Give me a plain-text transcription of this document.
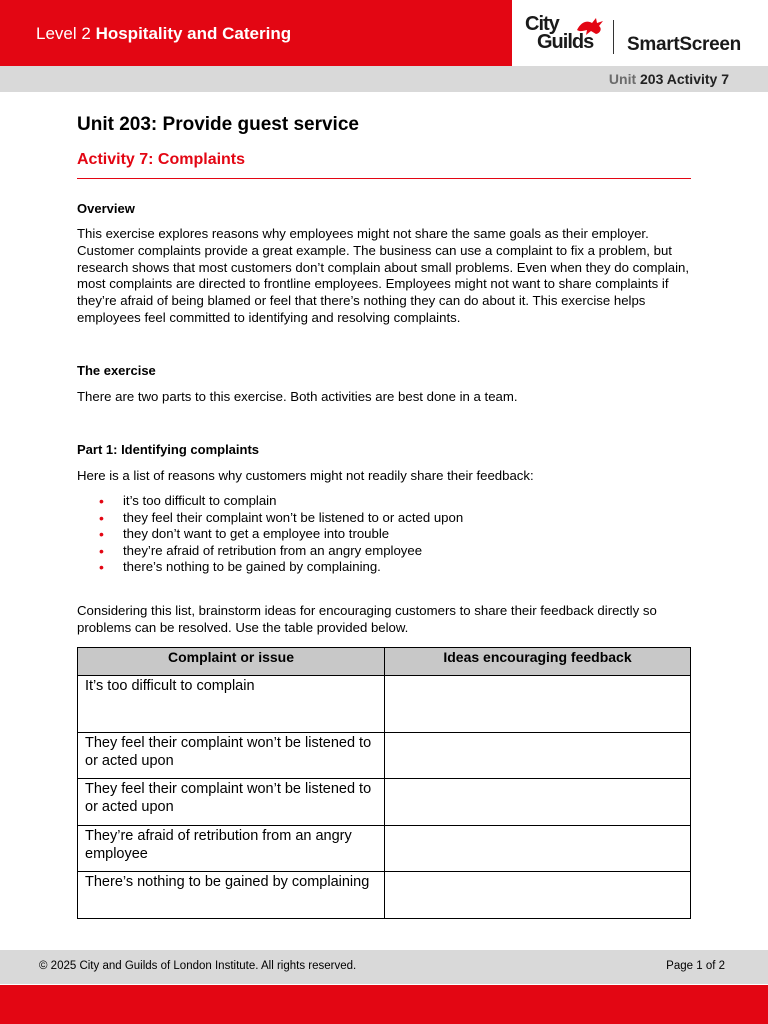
Level 2 Hospitality and Catering	City
Guilds SmartScreen
Unit 203 Activity 7
Unit 203: Provide guest service
Activity 7: Complaints
Overview
This exercise explores reasons why employees might not share the same goals as their employer. Customer complaints provide a great example. The business can use a complaint to fix a problem, but research shows that most customers don’t complain about small problems. Even when they do complain, most complaints are directed to frontline employees. Employees might not want to share complaints if they’re afraid of being blamed or feel that there’s nothing they can do about it. This exercise helps employees feel committed to identifying and resolving complaints.
The exercise
There are two parts to this exercise. Both activities are best done in a team.
Part 1: Identifying complaints
Here is a list of reasons why customers might not readily share their feedback:
• it’s too difficult to complain
• they feel their complaint won’t be listened to or acted upon
• they don’t want to get a employee into trouble
• they’re afraid of retribution from an angry employee
• there’s nothing to be gained by complaining.
Considering this list, brainstorm ideas for encouraging customers to share their feedback directly so problems can be resolved. Use the table provided below.
Complaint or issue	Ideas encouraging feedback
It’s too difficult to complain	
They feel their complaint won’t be listened to or acted upon	
They feel their complaint won’t be listened to or acted upon	
They’re afraid of retribution from an angry employee	
There’s nothing to be gained by complaining	
© 2025 City and Guilds of London Institute. All rights reserved.	Page 1 of 2
